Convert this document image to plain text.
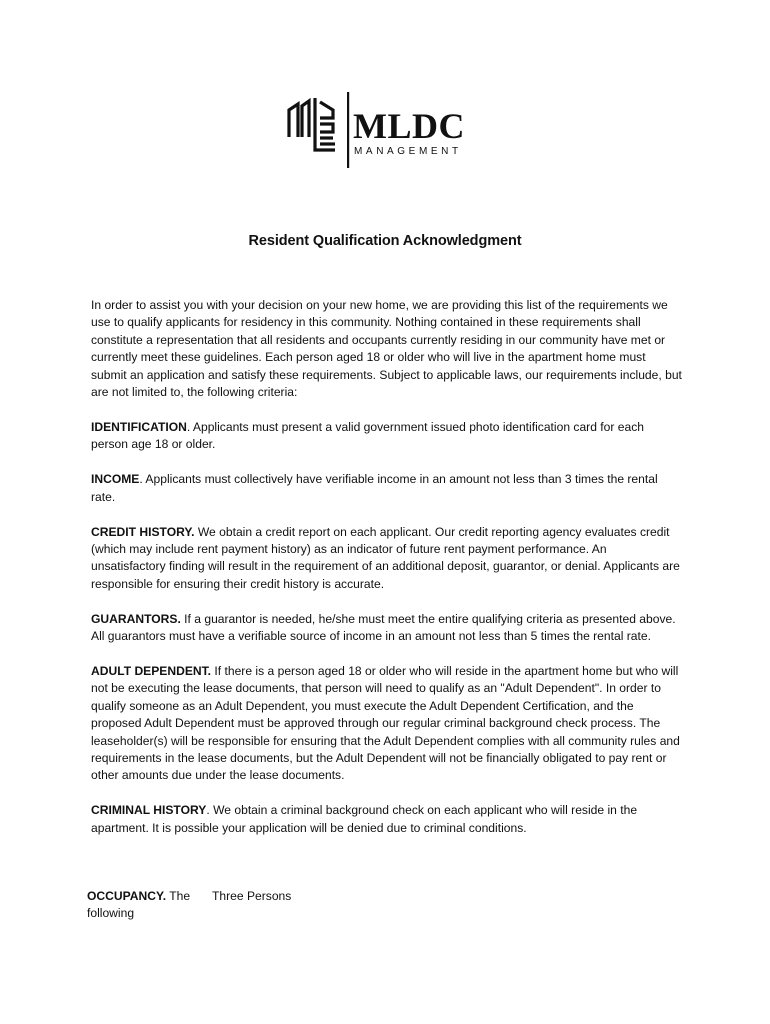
MLDC
MANAGEMENT
Resident Qualification Acknowledgment

In order to assist you with your decision on your new home, we are providing this list of the requirements we use to qualify applicants for residency in this community. Nothing contained in these requirements shall constitute a representation that all residents and occupants currently residing in our community have met or currently meet these guidelines. Each person aged 18 or older who will live in the apartment home must submit an application and satisfy these requirements. Subject to applicable laws, our requirements include, but are not limited to, the following criteria:

IDENTIFICATION. Applicants must present a valid government issued photo identification card for each person age 18 or older.

INCOME. Applicants must collectively have verifiable income in an amount not less than 3 times the rental rate.

CREDIT HISTORY. We obtain a credit report on each applicant. Our credit reporting agency evaluates credit (which may include rent payment history) as an indicator of future rent payment performance. An unsatisfactory finding will result in the requirement of an additional deposit, guarantor, or denial. Applicants are responsible for ensuring their credit history is accurate.

GUARANTORS. If a guarantor is needed, he/she must meet the entire qualifying criteria as presented above. All guarantors must have a verifiable source of income in an amount not less than 5 times the rental rate.

ADULT DEPENDENT. If there is a person aged 18 or older who will reside in the apartment home but who will not be executing the lease documents, that person will need to qualify as an "Adult Dependent". In order to qualify someone as an Adult Dependent, you must execute the Adult Dependent Certification, and the proposed Adult Dependent must be approved through our regular criminal background check process. The leaseholder(s) will be responsible for ensuring that the Adult Dependent complies with all community rules and requirements in the lease documents, but the Adult Dependent will not be financially obligated to pay rent or other amounts due under the lease documents.

CRIMINAL HISTORY. We obtain a criminal background check on each applicant who will reside in the apartment. It is possible your application will be denied due to criminal conditions.

OCCUPANCY. The following
Three Persons
